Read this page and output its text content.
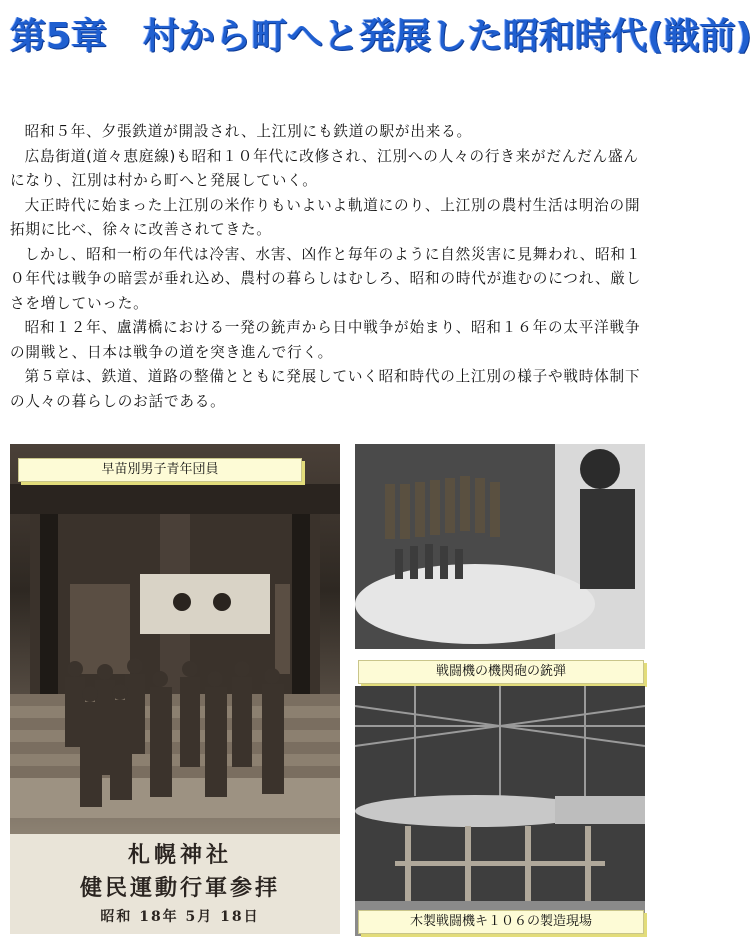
第5章　村から町へと発展した昭和時代(戦前)

昭和５年、夕張鉄道が開設され、上江別にも鉄道の駅が出来る。

広島街道(道々恵庭線)も昭和１０年代に改修され、江別への人々の行き来がだんだん盛んになり、江別は村から町へと発展していく。

大正時代に始まった上江別の米作りもいよいよ軌道にのり、上江別の農村生活は明治の開拓期に比べ、徐々に改善されてきた。

しかし、昭和一桁の年代は冷害、水害、凶作と毎年のように自然災害に見舞われ、昭和１０年代は戦争の暗雲が垂れ込め、農村の暮らしはむしろ、昭和の時代が進むのにつれ、厳しさを増していった。

昭和１２年、盧溝橋における一発の銃声から日中戦争が始まり、昭和１６年の太平洋戦争の開戦と、日本は戦争の道を突き進んで行く。

第５章は、鉄道、道路の整備とともに発展していく昭和時代の上江別の様子や戦時体制下の人々の暮らしのお話である。

早苗別男子青年団員
札幌神社
健民運動行軍参拝
昭和 18年 5月 18日
戦闘機の機関砲の銃弾
木製戦闘機キ１０６の製造現場
